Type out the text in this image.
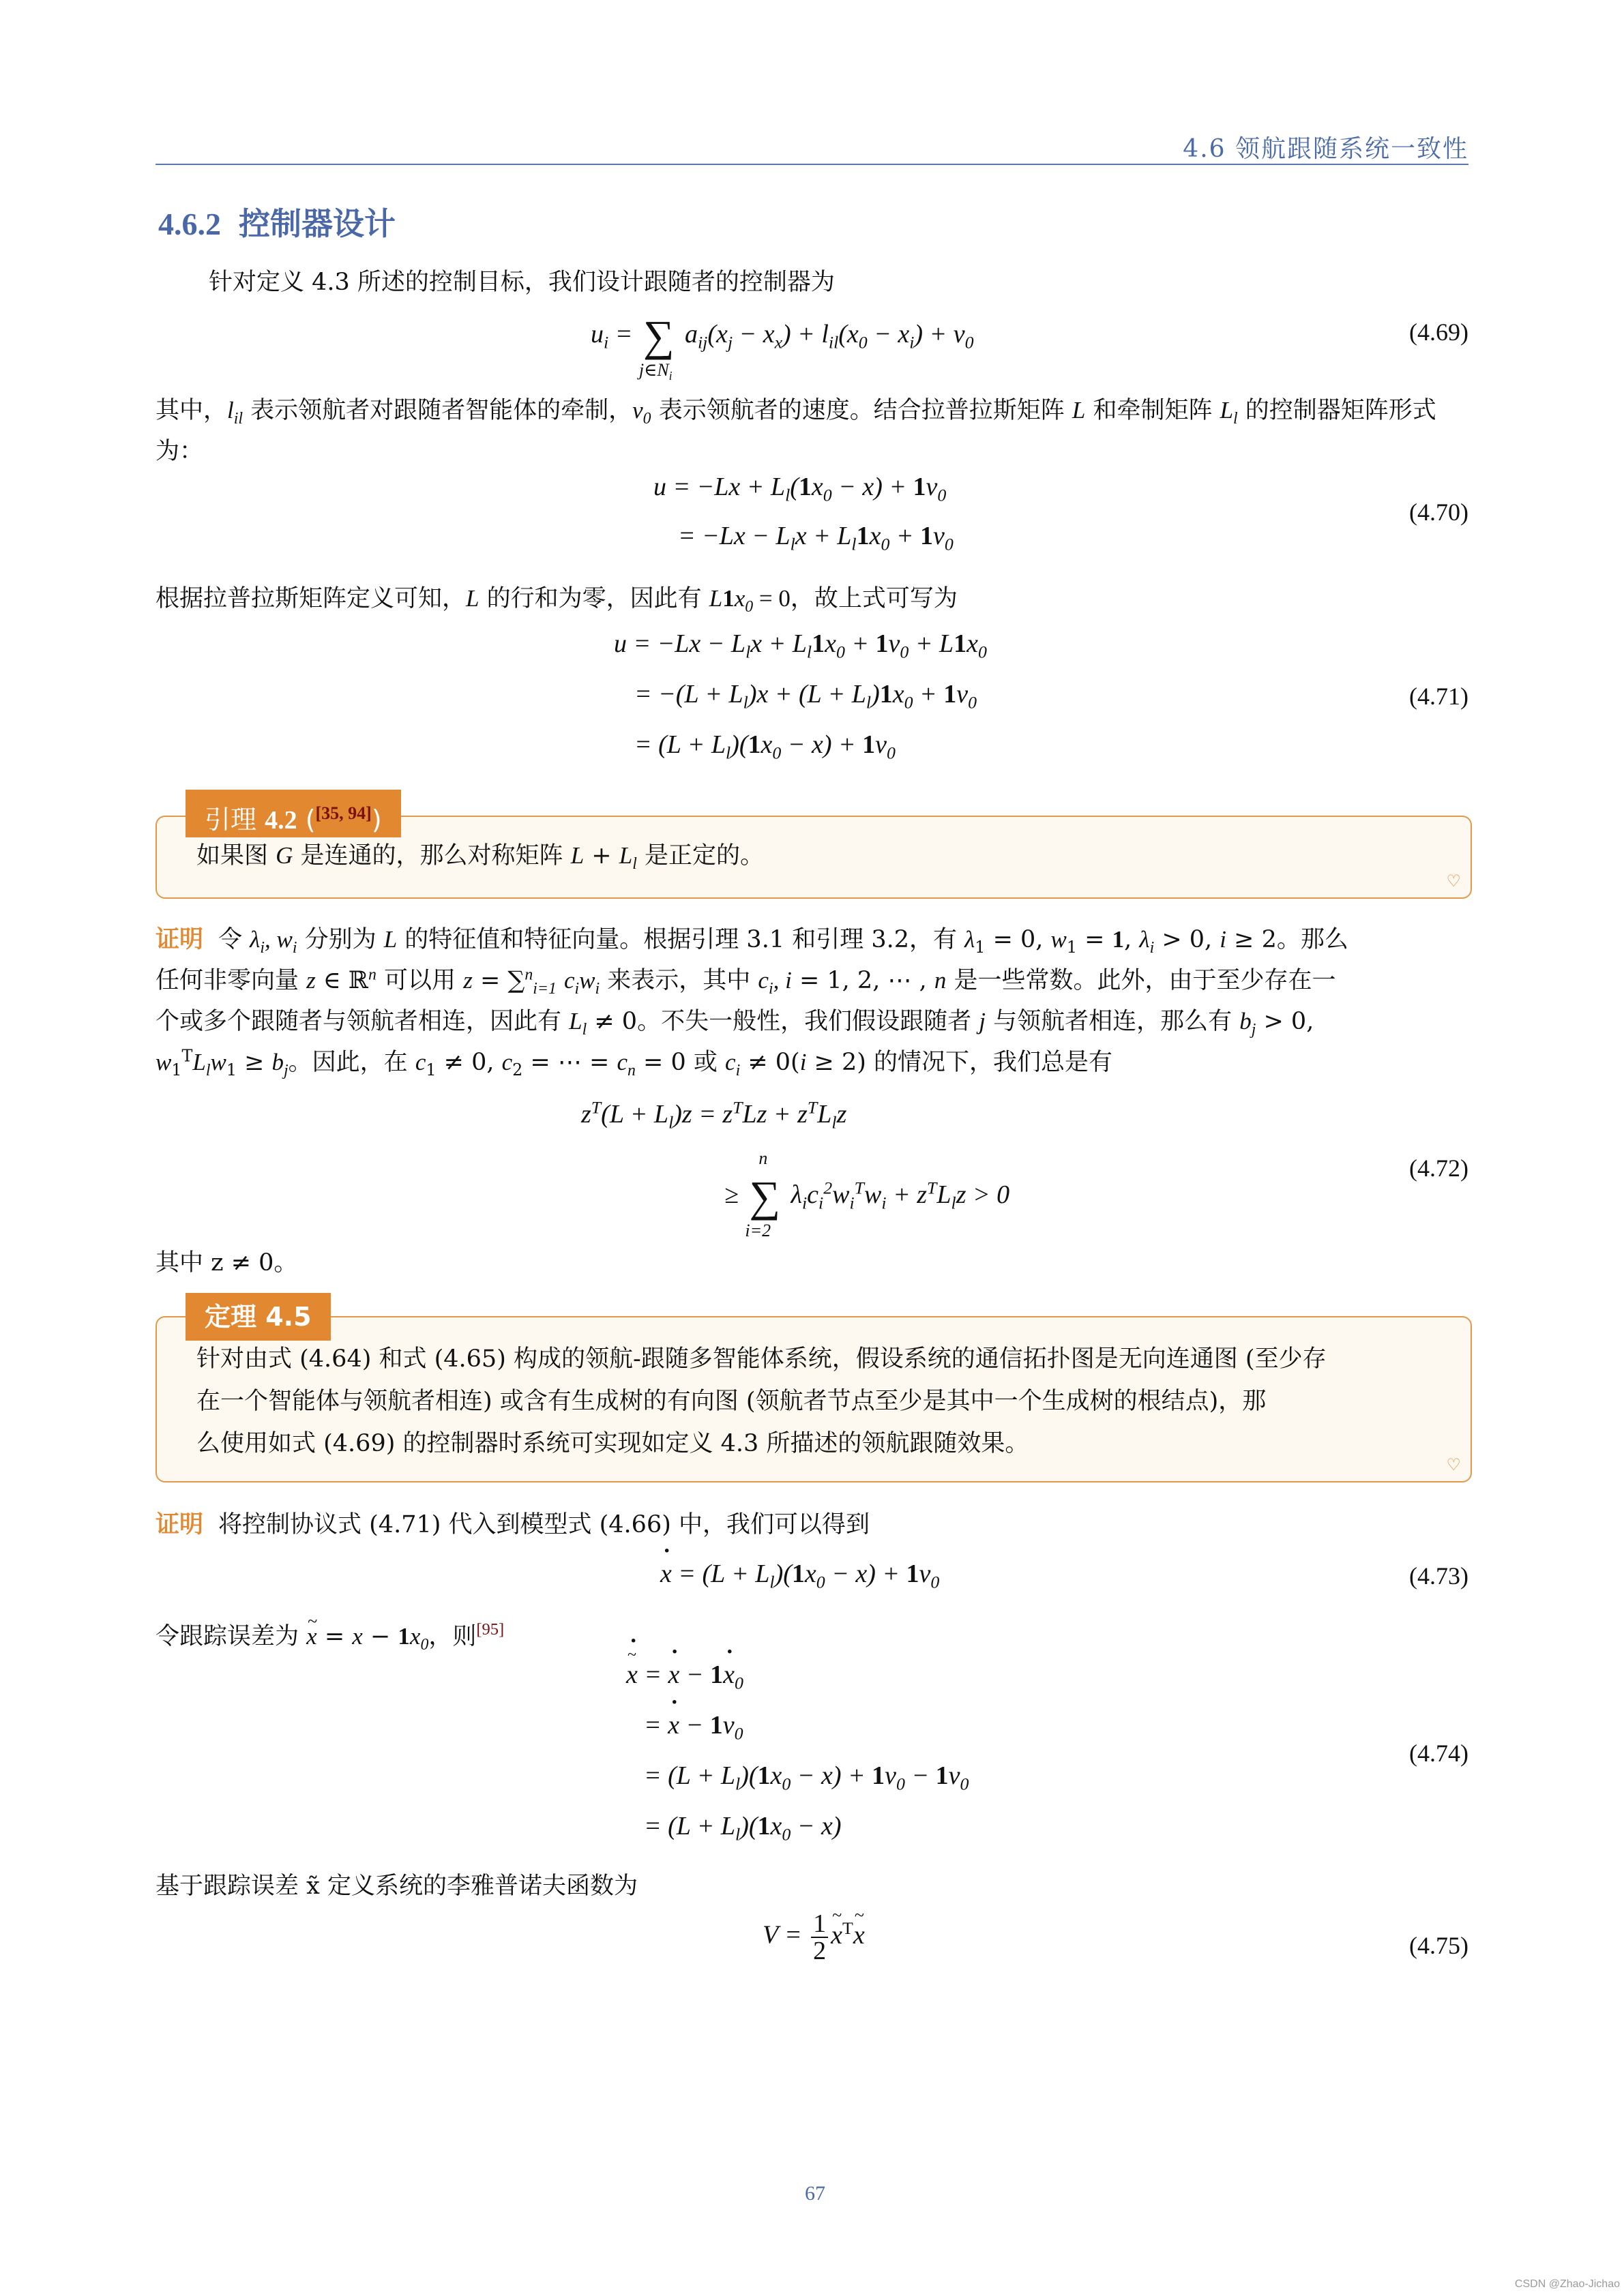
4.6 领航跟随系统一致性
4.6.2 控制器设计
针对定义 4.3 所述的控制目标，我们设计跟随者的控制器为
$u_i$ = ∑
$j\in N_i$
$a_{ij}(x_j - x_x) + l_{il}(x_0 - x_i) + v_0$	(4.69)
其中，$l_{il}$ 表示领航者对跟随者智能体的牵制，$v_0$ 表示领航者的速度。结合拉普拉斯矩阵 L 和牵制矩阵 $L_l$ 的控制器矩阵形式为：
$u = -Lx + L_l(1x_0 - x) + 1v_0$
= $-Lx - L_lx + L_l1x_0 + 1v_0$
(4.70)
根据拉普拉斯矩阵定义可知，L 的行和为零，因此有 $L1x_0 = 0$，故上式可写为
$u = -Lx - L_lx + L_l1x_0 + 1v_0 + L1x_0$
= $-(L + L_l)x + (L + L_l)1x_0 + 1v_0$
= $(L + L_l)(1x_0 - x) + 1v_0$
(4.71)
如果图 G 是连通的，那么对称矩阵 $L + L_l$ 是正定的。
♡
引理 4.2 ([35, 94])
证明 令 $\lambda_i$, $w_i$ 分别为 L 的特征值和特征向量。根据引理 3.1 和引理 3.2，有 $\lambda_1 = 0$, $w_1 = 1$, $\lambda_i > 0$, i ≥ 2。那么
任何非零向量 z ∈ ℝ$^n$ 可以用 z = ∑$^n_{i=1}$ $c_iw_i$ 来表示，其中 $c_i$, i = 1, 2, ⋯ , n 是一些常数。此外，由于至少存在一
个或多个跟随者与领航者相连，因此有 $L_l \ne 0$。不失一般性，我们假设跟随者 j 与领航者相连，那么有 $b_j > 0$,
$w_1^TL_lw_1 \ge b_j$。因此，在 $c_1 \ne 0$, $c_2$ = ⋯ = $c_n = 0$ 或 $c_i \ne 0(i \ge 2)$ 的情况下，我们总是有
$z^T(L + L_l)z = z^TLz + z^TL_lz$
≥ ∑
n
i=2
$\lambda_ic_i^2w_i^Tw_i + z^TL_lz > 0$
(4.72)
其中 z ≠ 0。
针对由式 (4.64) 和式 (4.65) 构成的领航-跟随多智能体系统，假设系统的通信拓扑图是无向连通图 (至少存
在一个智能体与领航者相连) 或含有生成树的有向图 (领航者节点至少是其中一个生成树的根结点)，那
么使用如式 (4.69) 的控制器时系统可实现如定义 4.3 所描述的领航跟随效果。
♡
定理 4.5
证明 将控制协议式 (4.71) 代入到模型式 (4.66) 中，我们可以得到
x · = $(L + L_l)(1x_0 - x) + 1v_0$	(4.73)
令跟踪误差为 ~ $x = x - 1x_0$，则[95]
~ x · = x · − $1x \cdot_0$
= x · − $1v_0$
= $(L + L_l)(1x_0 - x) + 1v_0 - 1v_0$
= $(L + L_l)(1x_0 - x)$
(4.74)
基于跟踪误差 x̃ 定义系统的李雅普诺夫函数为
$V = \frac{1}{2}$ ~ $x^T\sim$ x	(4.75)
67
CSDN @Zhao-Jichao
